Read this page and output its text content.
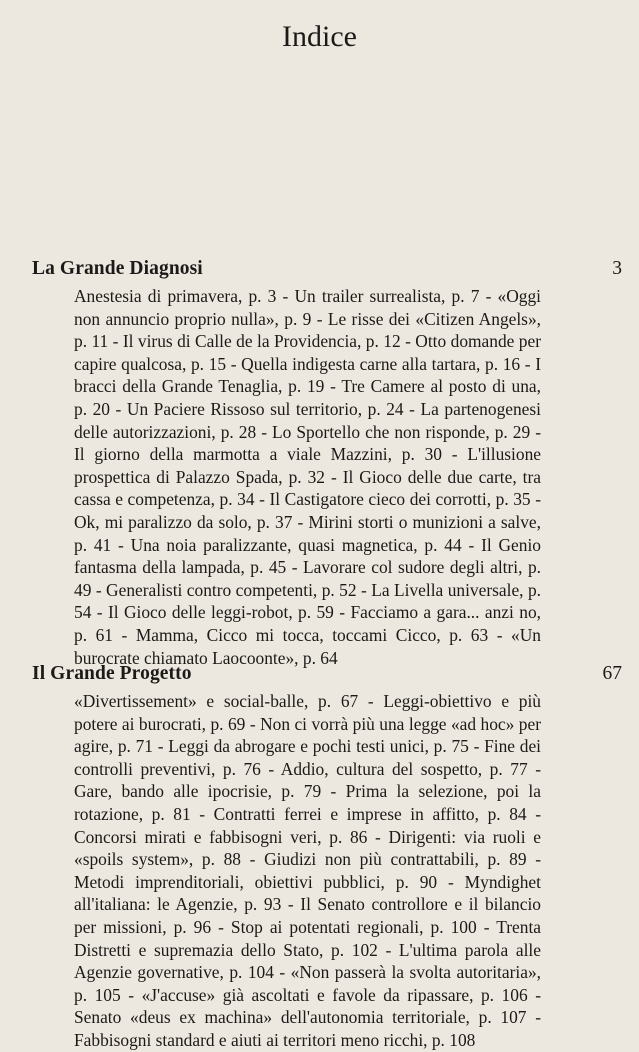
Indice
La Grande Diagnosi	3
Anestesia di primavera, p. 3 - Un trailer surrealista, p. 7 - «Oggi non annuncio proprio nulla», p. 9 - Le risse dei «Citizen Angels», p. 11 - Il virus di Calle de la Providencia, p. 12 - Otto domande per capire qualcosa, p. 15 - Quella indigesta carne alla tartara, p. 16 - I bracci della Grande Tenaglia, p. 19 - Tre Camere al posto di una, p. 20 - Un Paciere Rissoso sul territorio, p. 24 - La partenogenesi delle autorizzazioni, p. 28 - Lo Sportello che non risponde, p. 29 - Il giorno della marmotta a viale Mazzini, p. 30 - L'illusione prospettica di Palazzo Spada, p. 32 - Il Gioco delle due carte, tra cassa e competenza, p. 34 - Il Castigatore cieco dei corrotti, p. 35 - Ok, mi paralizzo da solo, p. 37 - Mirini storti o munizioni a salve, p. 41 - Una noia paralizzante, quasi magnetica, p. 44 - Il Genio fantasma della lampada, p. 45 - Lavorare col sudore degli altri, p. 49 - Generalisti contro competenti, p. 52 - La Livella universale, p. 54 - Il Gioco delle leggi-robot, p. 59 - Facciamo a gara... anzi no, p. 61 - Mamma, Cicco mi tocca, toccami Cicco, p. 63 - «Un burocrate chiamato Laocoonte», p. 64
Il Grande Progetto	67
«Divertissement» e social-balle, p. 67 - Leggi-obiettivo e più potere ai burocrati, p. 69 - Non ci vorrà più una legge «ad hoc» per agire, p. 71 - Leggi da abrogare e pochi testi unici, p. 75 - Fine dei controlli preventivi, p. 76 - Addio, cultura del sospetto, p. 77 - Gare, bando alle ipocrisie, p. 79 - Prima la selezione, poi la rotazione, p. 81 - Contratti ferrei e imprese in affitto, p. 84 - Concorsi mirati e fabbisogni veri, p. 86 - Dirigenti: via ruoli e «spoils system», p. 88 - Giudizi non più contrattabili, p. 89 - Metodi imprenditoriali, obiettivi pubblici, p. 90 - Myndighet all'italiana: le Agenzie, p. 93 - Il Senato controllore e il bilancio per missioni, p. 96 - Stop ai potentati regionali, p. 100 - Trenta Distretti e supremazia dello Stato, p. 102 - L'ultima parola alle Agenzie governative, p. 104 - «Non passerà la svolta autoritaria», p. 105 - «J'accuse» già ascoltati e favole da ripassare, p. 106 - Senato «deus ex machina» dell'autonomia territoriale, p. 107 - Fabbisogni standard e aiuti ai territori meno ricchi, p. 108
